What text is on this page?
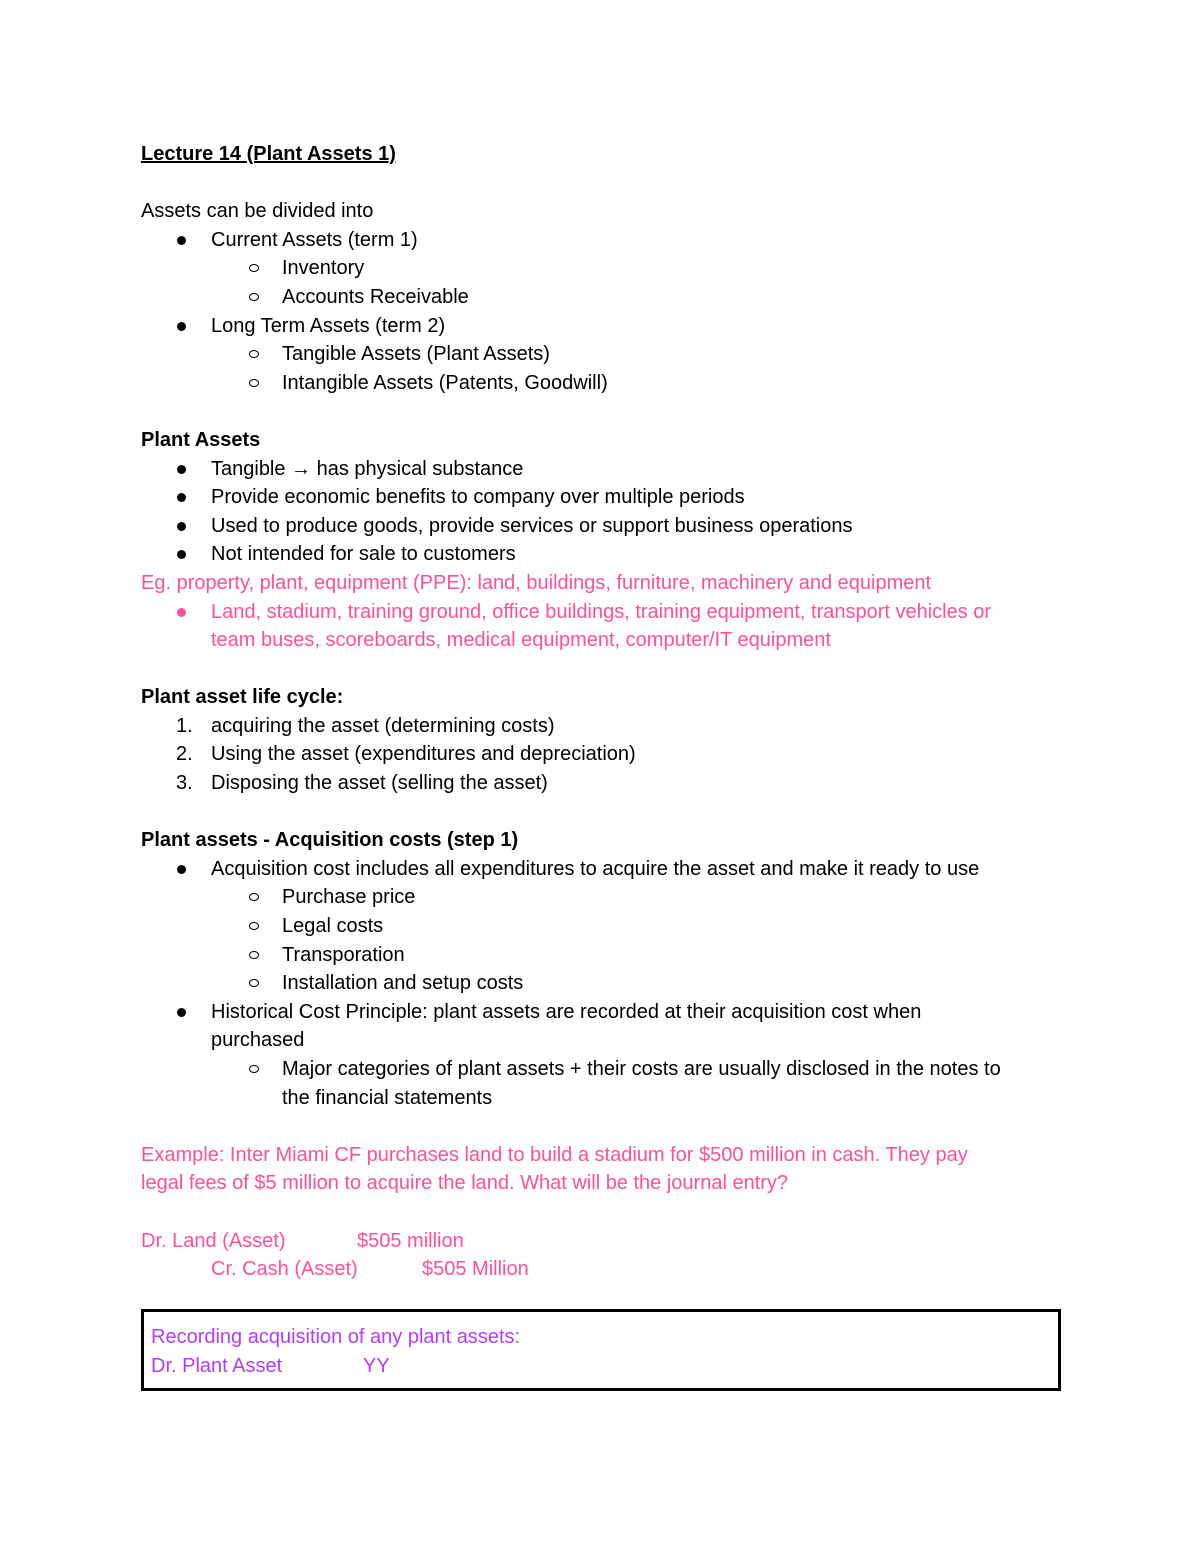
Lecture 14 (Plant Assets 1)
Assets can be divided into
Current Assets (term 1)
Inventory
Accounts Receivable
Long Term Assets (term 2)
Tangible Assets (Plant Assets)
Intangible Assets (Patents, Goodwill)
Plant Assets
Tangible → has physical substance
Provide economic benefits to company over multiple periods
Used to produce goods, provide services or support business operations
Not intended for sale to customers
Eg. property, plant, equipment (PPE): land, buildings, furniture, machinery and equipment
Land, stadium, training ground, office buildings, training equipment, transport vehicles or
team buses, scoreboards, medical equipment, computer/IT equipment
Plant asset life cycle:
1. acquiring the asset (determining costs)
2. Using the asset (expenditures and depreciation)
3. Disposing the asset (selling the asset)
Plant assets - Acquisition costs (step 1)
Acquisition cost includes all expenditures to acquire the asset and make it ready to use
Purchase price
Legal costs
Transporation
Installation and setup costs
Historical Cost Principle: plant assets are recorded at their acquisition cost when
purchased
Major categories of plant assets + their costs are usually disclosed in the notes to
the financial statements
Example: Inter Miami CF purchases land to build a stadium for $500 million in cash. They pay
legal fees of $5 million to acquire the land. What will be the journal entry?
Dr. Land (Asset)	$505 million
Cr. Cash (Asset)	$505 Million
Recording acquisition of any plant assets:
Dr. Plant Asset	YY
